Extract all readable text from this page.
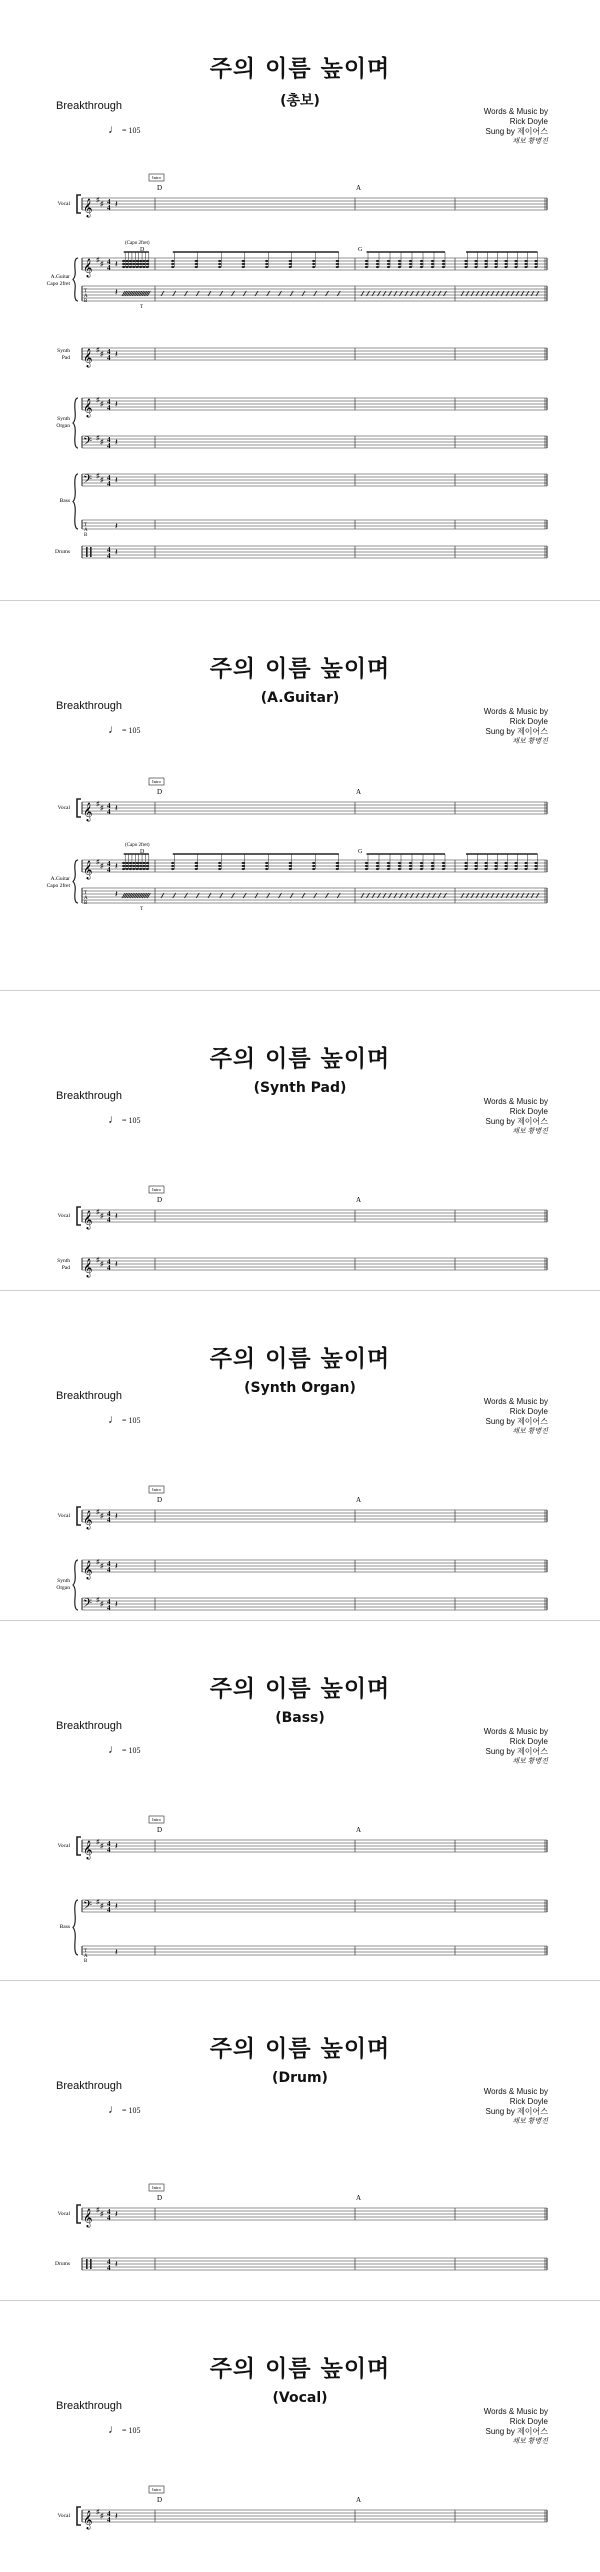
주의 이름 높이며
(총보)
Breakthrough
♩ = 105
Words & Music by
Rick Doyle
Sung by 제이어스
채보 황병진
Intro
D	A
𝄞 ♯ ♯ 4
4 𝄽
Vocal
𝄞 ♯ ♯ 4
4 𝄽
T
A
B
𝄽
A.Guitar
Capo 2fret
(Capo 2fret)
D	G
T
𝄞 ♯ ♯ 4
4 𝄽
Synth
Pad
𝄞 ♯ ♯ 4
4 𝄽
𝄢 ♯ ♯ 4
4 𝄽
Synth
Organ
𝄢 ♯ ♯ 4
4 𝄽
T
A
B
𝄽
Bass
4
4 𝄽
Drums
주의 이름 높이며
(A.Guitar)
Breakthrough
♩ = 105
Words & Music by
Rick Doyle
Sung by 제이어스
채보 황병진
Intro
D	A
𝄞 ♯ ♯ 4
4 𝄽
Vocal
𝄞 ♯ ♯ 4
4 𝄽
T
A
B
𝄽
A.Guitar
Capo 2fret
(Capo 2fret)
D	G
T
주의 이름 높이며
(Synth Pad)
Breakthrough
♩ = 105
Words & Music by
Rick Doyle
Sung by 제이어스
채보 황병진
Intro
D	A
𝄞 ♯ ♯ 4
4 𝄽
Vocal
𝄞 ♯ ♯ 4
4 𝄽
Synth
Pad
주의 이름 높이며
(Synth Organ)
Breakthrough
♩ = 105
Words & Music by
Rick Doyle
Sung by 제이어스
채보 황병진
Intro
D	A
𝄞 ♯ ♯ 4
4 𝄽
Vocal
𝄞 ♯ ♯ 4
4 𝄽
𝄢 ♯ ♯ 4
4 𝄽
Synth
Organ
주의 이름 높이며
(Bass)
Breakthrough
♩ = 105
Words & Music by
Rick Doyle
Sung by 제이어스
채보 황병진
Intro
D	A
𝄞 ♯ ♯ 4
4 𝄽
Vocal
𝄢 ♯ ♯ 4
4 𝄽
T
A
B
𝄽
Bass
주의 이름 높이며
(Drum)
Breakthrough
♩ = 105
Words & Music by
Rick Doyle
Sung by 제이어스
채보 황병진
Intro
D	A
𝄞 ♯ ♯ 4
4 𝄽
Vocal
4
4 𝄽
Drums
주의 이름 높이며
(Vocal)
Breakthrough
♩ = 105
Words & Music by
Rick Doyle
Sung by 제이어스
채보 황병진
Intro
D	A
𝄞 ♯ ♯ 4
4 𝄽
Vocal
